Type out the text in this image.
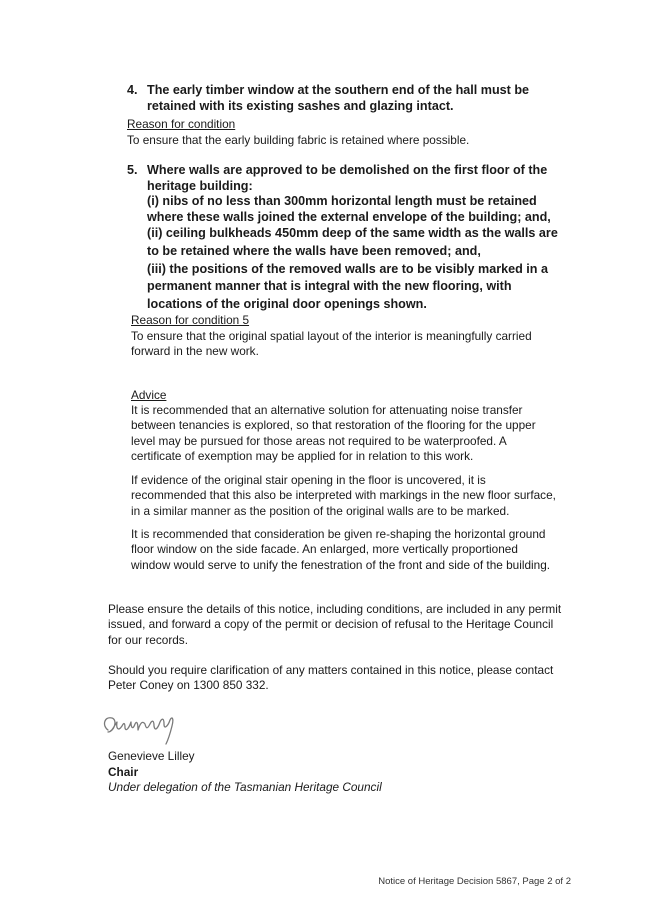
4. The early timber window at the southern end of the hall must be
retained with its existing sashes and glazing intact.
Reason for condition
To ensure that the early building fabric is retained where possible.
5. Where walls are approved to be demolished on the first floor of the
heritage building:
(i) nibs of no less than 300mm horizontal length must be retained
where these walls joined the external envelope of the building; and,
(ii) ceiling bulkheads 450mm deep of the same width as the walls are
to be retained where the walls have been removed; and,
(iii) the positions of the removed walls are to be visibly marked in a
permanent manner that is integral with the new flooring, with
locations of the original door openings shown.
Reason for condition 5
To ensure that the original spatial layout of the interior is meaningfully carried
forward in the new work.
Advice
It is recommended that an alternative solution for attenuating noise transfer
between tenancies is explored, so that restoration of the flooring for the upper
level may be pursued for those areas not required to be waterproofed. A
certificate of exemption may be applied for in relation to this work.
If evidence of the original stair opening in the floor is uncovered, it is
recommended that this also be interpreted with markings in the new floor surface,
in a similar manner as the position of the original walls are to be marked.
It is recommended that consideration be given re-shaping the horizontal ground
floor window on the side facade. An enlarged, more vertically proportioned
window would serve to unify the fenestration of the front and side of the building.
Please ensure the details of this notice, including conditions, are included in any permit
issued, and forward a copy of the permit or decision of refusal to the Heritage Council
for our records.
Should you require clarification of any matters contained in this notice, please contact
Peter Coney on 1300 850 332.
Genevieve Lilley
Chair
Under delegation of the Tasmanian Heritage Council
Notice of Heritage Decision 5867, Page 2 of 2
